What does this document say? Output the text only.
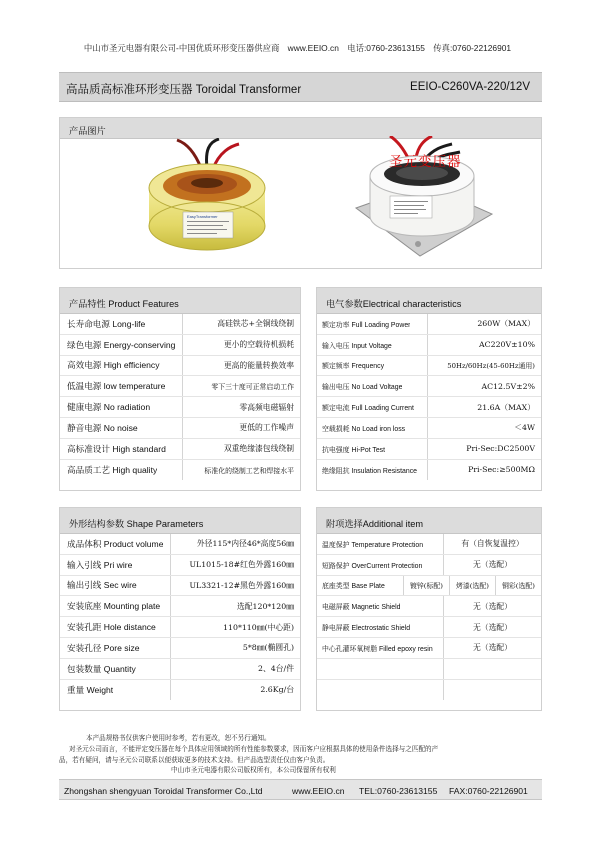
中山市圣元电器有限公司-中国优质环形变压器供应商 www.EEIO.cn 电话:0760-23613155 传真:0760-22126901
高品质高标准环形变压器 Toroidal Transformer	EEIO-C260VA-220/12V
产品图片
EasyTransformer
圣元变压器
产品特性 Product Features
长寿命电源 Long-life	高硅铁芯+全铜线绕制
绿色电源 Energy-conserving	更小的空载待机损耗
高效电源 High efficiency	更高的能量转换效率
低温电源 low temperature	零下三十度可正常启动工作
健康电源 No radiation	零高频电磁辐射
静音电源 No noise	更低的工作噪声
高标准设计 High standard	双重绝缘漆包线绕制
高品质工艺 High quality	标准化的绕制工艺和焊接水平
电气参数Electrical characteristics
额定功率 Full Loading Power	260W（MAX）
输入电压 Input Voltage	AC220V±10%
额定频率 Frequency	50Hz/60Hz(45-60Hz通用)
输出电压 No Load Voltage	AC12.5V±2%
额定电流 Full Loading Current	21.6A（MAX）
空载损耗 No Load iron loss	＜4W
抗电强度 Hi-Pot Test	Pri-Sec:DC2500V
绝缘阻抗 Insulation Resistance	Pri-Sec:≥500MΩ
外形结构参数 Shape Parameters
成品体积 Product volume	外径115*内径46*高度56㎜
输入引线 Pri wire	UL1015-18#红色外露160㎜
输出引线 Sec wire	UL3321-12#黑色外露160㎜
安装底座 Mounting plate	选配120*120㎜
安装孔距 Hole distance	110*110㎜(中心距)
安装孔径 Pore size	5*8㎜(椭圆孔)
包装数量 Quantity	2、4台/件
重量 Weight	2.6Kg/台
附项选择Additional item
温度保护 Temperature Protection	有（自恢复温控）
短路保护 OverCurrent Protection	无（选配）
底座类型 Base Plate	镀锌(标配)	烤漆(选配)	铜彩(选配)
电磁屏蔽 Magnetic Shield	无（选配）
静电屏蔽 Electrostatic Shield	无（选配）
中心孔灌环氧树脂 Filled epoxy resin	无（选配）

本产品规格书仅供客户使用时参考，若有更改，恕不另行通知。

对圣元公司而言，不能评定变压器在每个具体应用领域的所有性能参数要求，因而客户应根据具体的使用条件选择与之匹配的产

品，若有疑问，请与圣元公司联系以便获取更多的技术支持。但产品选型责任仅由客户负责。

中山市圣元电器有限公司版权所有，本公司保留所有权利

Zhongshan shengyuan Toroidal Transformer Co.,Ltd	www.EEIO.cn TEL:0760-23613155 FAX:0760-22126901
